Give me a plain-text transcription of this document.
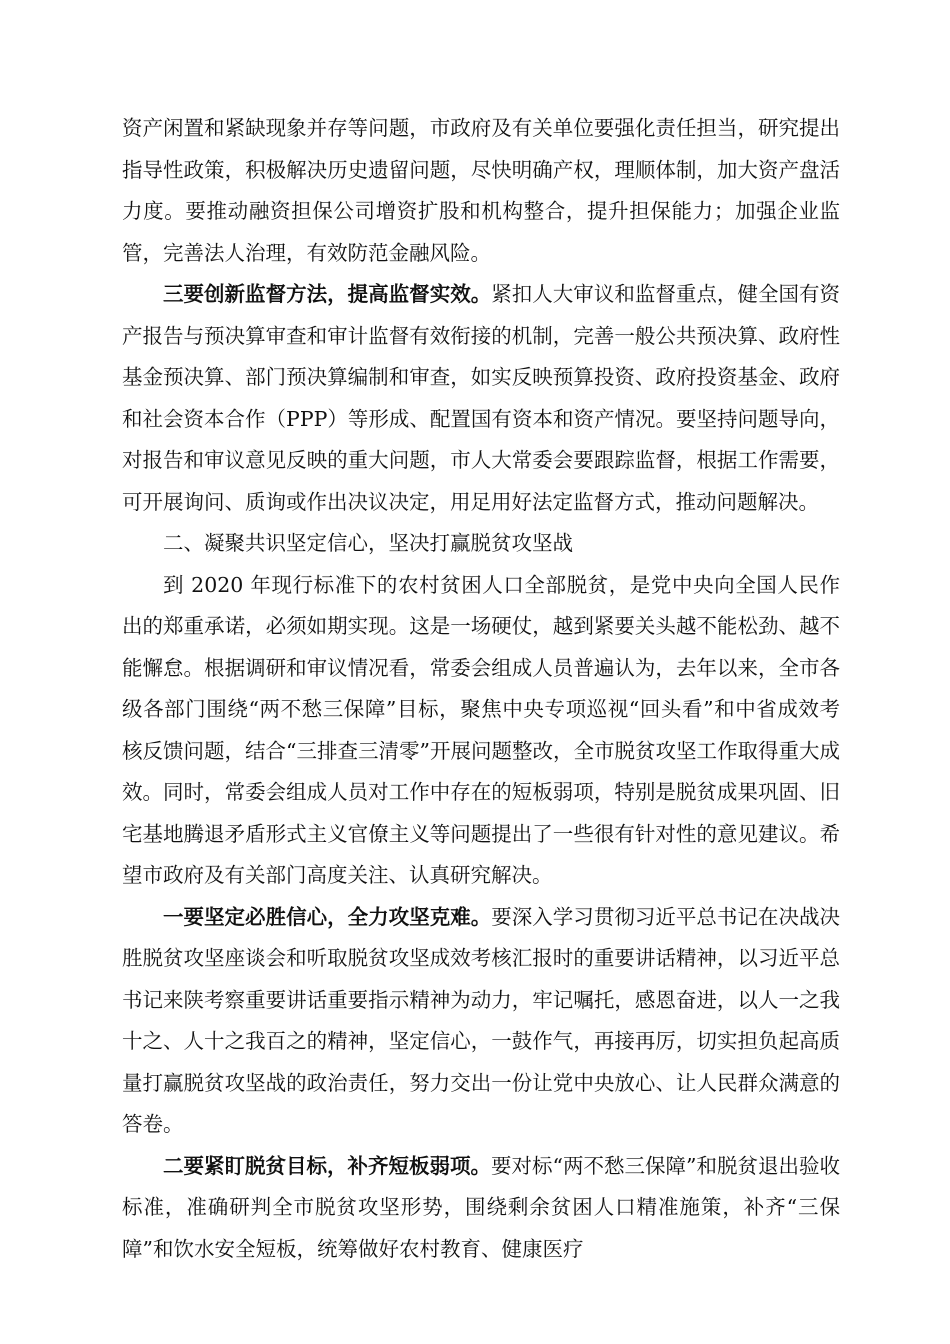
资产闲置和紧缺现象并存等问题，市政府及有关单位要强化责任担当，研究提出指导性政策，积极解决历史遗留问题，尽快明确产权，理顺体制，加大资产盘活力度。要推动融资担保公司增资扩股和机构整合，提升担保能力；加强企业监管，完善法人治理，有效防范金融风险。

三要创新监督方法，提高监督实效。紧扣人大审议和监督重点，健全国有资产报告与预决算审查和审计监督有效衔接的机制，完善一般公共预决算、政府性基金预决算、部门预决算编制和审查，如实反映预算投资、政府投资基金、政府和社会资本合作（PPP）等形成、配置国有资本和资产情况。要坚持问题导向，对报告和审议意见反映的重大问题，市人大常委会要跟踪监督，根据工作需要，可开展询问、质询或作出决议决定，用足用好法定监督方式，推动问题解决。

二、凝聚共识坚定信心，坚决打赢脱贫攻坚战

到 2020 年现行标准下的农村贫困人口全部脱贫，是党中央向全国人民作出的郑重承诺，必须如期实现。这是一场硬仗，越到紧要关头越不能松劲、越不能懈怠。根据调研和审议情况看，常委会组成人员普遍认为，去年以来，全市各级各部门围绕“两不愁三保障”目标，聚焦中央专项巡视“回头看”和中省成效考核反馈问题，结合“三排查三清零”开展问题整改，全市脱贫攻坚工作取得重大成效。同时，常委会组成人员对工作中存在的短板弱项，特别是脱贫成果巩固、旧宅基地腾退矛盾形式主义官僚主义等问题提出了一些很有针对性的意见建议。希望市政府及有关部门高度关注、认真研究解决。

一要坚定必胜信心，全力攻坚克难。要深入学习贯彻习近平总书记在决战决胜脱贫攻坚座谈会和听取脱贫攻坚成效考核汇报时的重要讲话精神，以习近平总书记来陕考察重要讲话重要指示精神为动力，牢记嘱托，感恩奋进，以人一之我十之、人十之我百之的精神，坚定信心，一鼓作气，再接再厉，切实担负起高质量打赢脱贫攻坚战的政治责任，努力交出一份让党中央放心、让人民群众满意的答卷。

二要紧盯脱贫目标，补齐短板弱项。要对标“两不愁三保障”和脱贫退出验收标准，准确研判全市脱贫攻坚形势，围绕剩余贫困人口精准施策，补齐“三保障”和饮水安全短板，统筹做好农村教育、健康医疗
